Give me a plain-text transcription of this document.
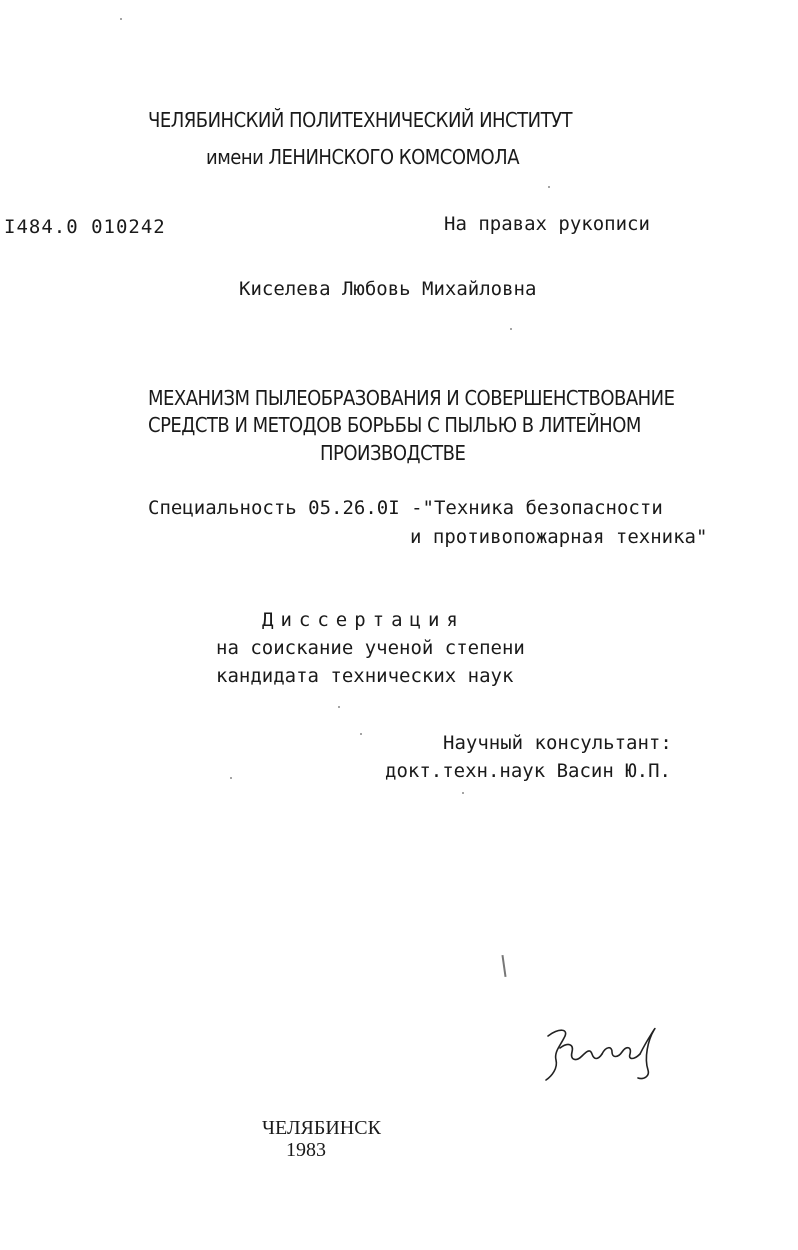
ЧЕЛЯБИНСКИЙ ПОЛИТЕХНИЧЕСКИЙ ИНСТИТУТ
имени ЛЕНИНСКОГО КОМСОМОЛА
I484.0 010242	На правах рукописи
Киселева Любовь Михайловна
МЕХАНИЗМ ПЫЛЕОБРАЗОВАНИЯ И СОВЕРШЕНСТВОВАНИЕ
СРЕДСТВ И МЕТОДОВ БОРЬБЫ С ПЫЛЬЮ В ЛИТЕЙНОМ
ПРОИЗВОДСТВЕ
Специальность 05.26.0I -"Техника безопасности
и противопожарная техника"
Диссертация
на соискание ученой степени
кандидата технических наук
Научный консультант:
докт.техн.наук Васин Ю.П.
ЧЕЛЯБИНСК
1983
